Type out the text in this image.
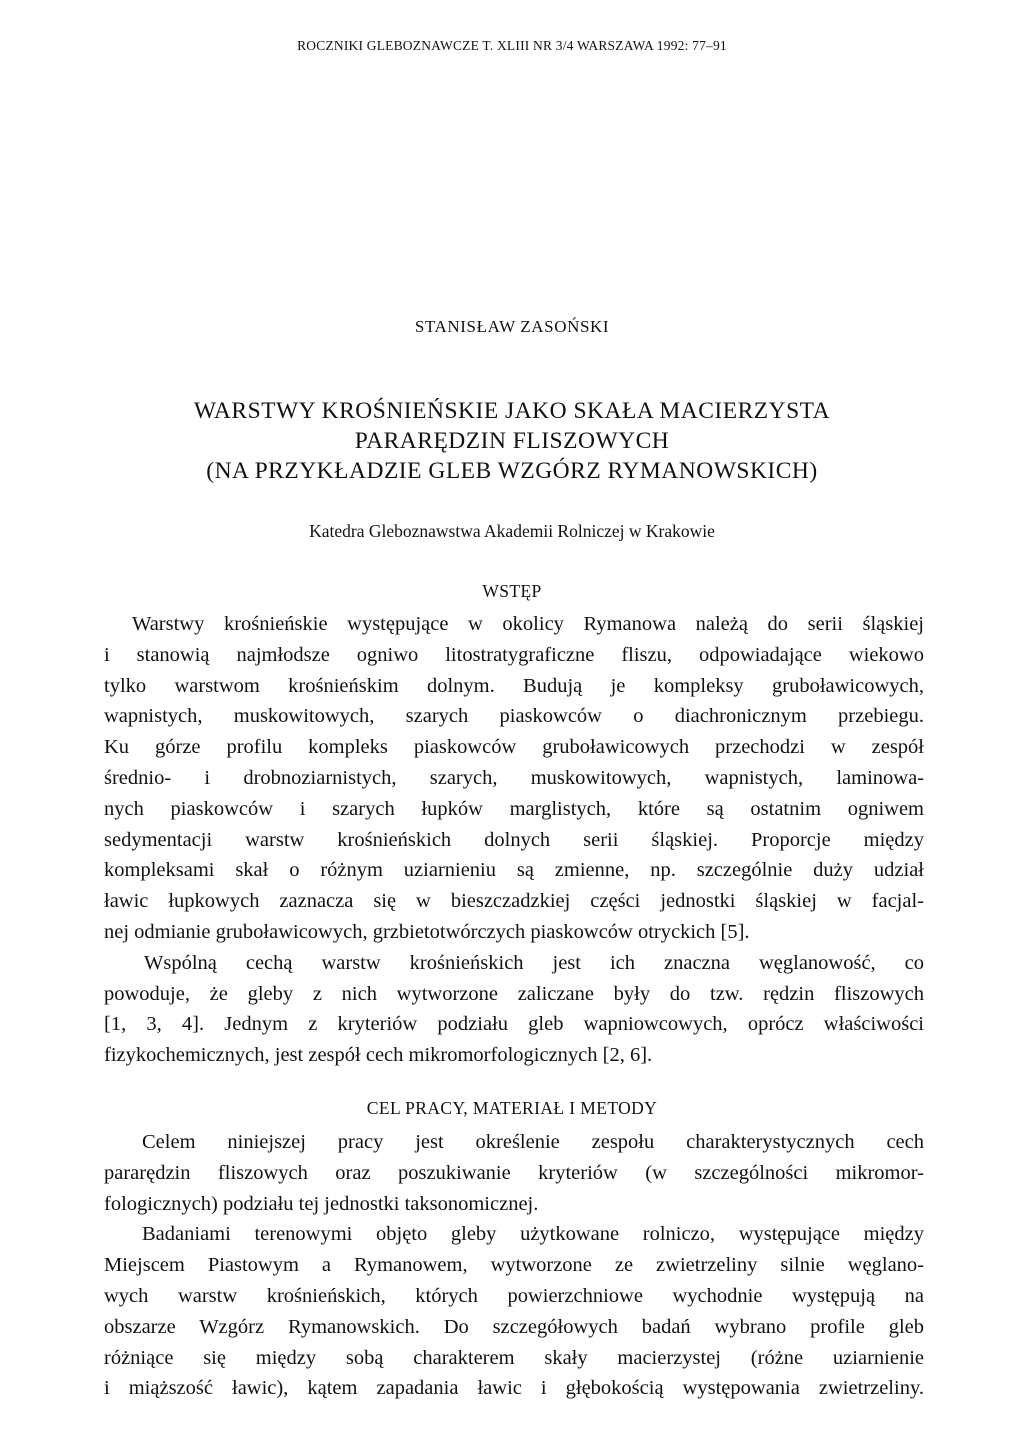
ROCZNIKI GLEBOZNAWCZE T. XLIII NR 3/4 WARSZAWA 1992: 77–91
STANISŁAW ZASOŃSKI
WARSTWY KROŚNIEŃSKIE JAKO SKAŁA MACIERZYSTA
PARARĘDZIN FLISZOWYCH
(NA PRZYKŁADZIE GLEB WZGÓRZ RYMANOWSKICH)
Katedra Gleboznawstwa Akademii Rolniczej w Krakowie
WSTĘP
Warstwy krośnieńskie występujące w okolicy Rymanowa należą do serii śląskiej
i stanowią najmłodsze ogniwo litostratygraficzne fliszu, odpowiadające wiekowo
tylko warstwom krośnieńskim dolnym. Budują je kompleksy gruboławicowych,
wapnistych, muskowitowych, szarych piaskowców o diachronicznym przebiegu.
Ku górze profilu kompleks piaskowców gruboławicowych przechodzi w zespół
średnio- i drobnoziarnistych, szarych, muskowitowych, wapnistych, laminowa-
nych piaskowców i szarych łupków marglistych, które są ostatnim ogniwem
sedymentacji warstw krośnieńskich dolnych serii śląskiej. Proporcje między
kompleksami skał o różnym uziarnieniu są zmienne, np. szczególnie duży udział
ławic łupkowych zaznacza się w bieszczadzkiej części jednostki śląskiej w facjal-
nej odmianie gruboławicowych, grzbietotwórczych piaskowców otryckich [5].
Wspólną cechą warstw krośnieńskich jest ich znaczna węglanowość, co
powoduje, że gleby z nich wytworzone zaliczane były do tzw. rędzin fliszowych
[1, 3, 4]. Jednym z kryteriów podziału gleb wapniowcowych, oprócz właściwości
fizykochemicznych, jest zespół cech mikromorfologicznych [2, 6].
CEL PRACY, MATERIAŁ I METODY
Celem niniejszej pracy jest określenie zespołu charakterystycznych cech
pararędzin fliszowych oraz poszukiwanie kryteriów (w szczególności mikromor-
fologicznych) podziału tej jednostki taksonomicznej.
Badaniami terenowymi objęto gleby użytkowane rolniczo, występujące między
Miejscem Piastowym a Rymanowem, wytworzone ze zwietrzeliny silnie węglano-
wych warstw krośnieńskich, których powierzchniowe wychodnie występują na
obszarze Wzgórz Rymanowskich. Do szczegółowych badań wybrano profile gleb
różniące się między sobą charakterem skały macierzystej (różne uziarnienie
i miąższość ławic), kątem zapadania ławic i głębokością występowania zwietrzeliny.
